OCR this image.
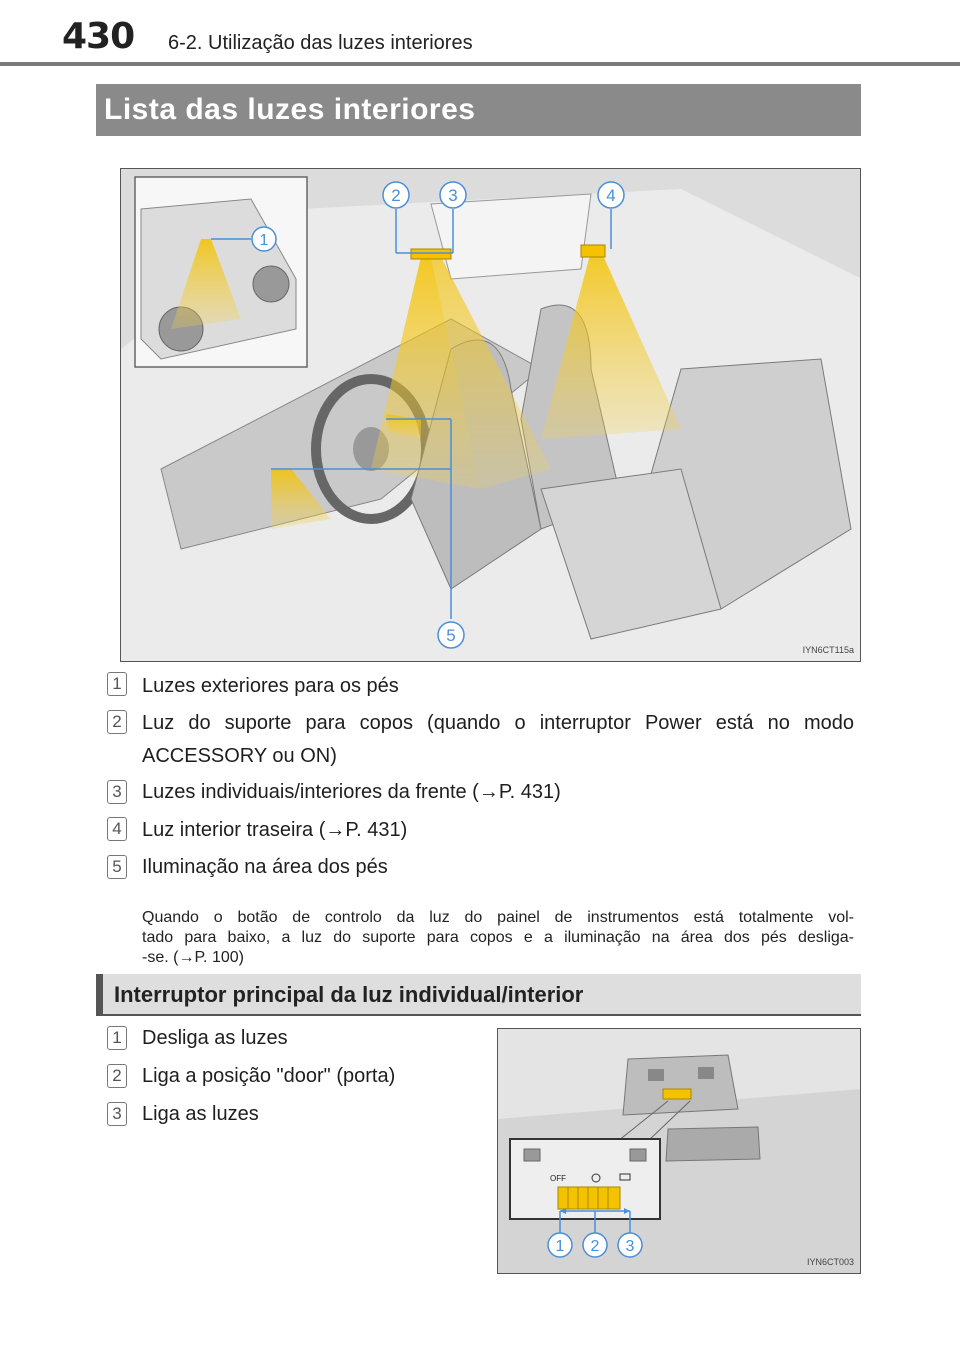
430 6-2. Utilização das luzes interiores
Lista das luzes interiores
1
2	3	4
5
IYN6CT115a
1 Luzes exteriores para os pés
2 Luz do suporte para copos (quando o interruptor Power está no modo
ACCESSORY ou ON)
3 Luzes individuais/interiores da frente (→P. 431)
4 Luz interior traseira (→P. 431)
5 Iluminação na área dos pés

Quando o botão de controlo da luz do painel de instrumentos está totalmente vol-

tado para baixo, a luz do suporte para copos e a iluminação na área dos pés desliga-

-se. (→P. 100)

Interruptor principal da luz individual/interior
1 Desliga as luzes
2 Liga a posição "door" (porta)
3 Liga as luzes
OFF
1 2 3
IYN6CT003
